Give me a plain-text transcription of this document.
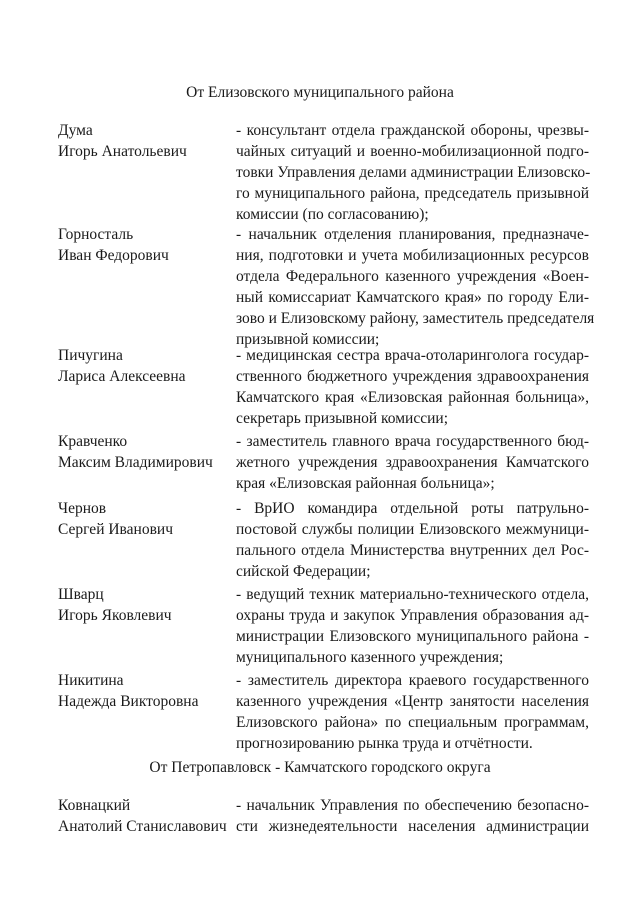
От Елизовского муниципального района
Дума
Игорь Анатольевич
- консультант отдела гражданской обороны, чрезвы-
чайных ситуаций и военно-мобилизационной подго-
товки Управления делами администрации Елизовско-
го муниципального района, председатель призывной
комиссии (по согласованию);
Горносталь
Иван Федорович
- начальник отделения планирования, предназначе-
ния, подготовки и учета мобилизационных ресурсов
отдела Федерального казенного учреждения «Воен-
ный комиссариат Камчатского края» по городу Ели-
зово и Елизовскому району, заместитель председателя
призывной комиссии;
Пичугина
Лариса Алексеевна
- медицинская сестра врача-отоларинголога государ-
ственного бюджетного учреждения здравоохранения
Камчатского края «Елизовская районная больница»,
секретарь призывной комиссии;
Кравченко
Максим Владимирович
- заместитель главного врача государственного бюд-
жетного учреждения здравоохранения Камчатского
края «Елизовская районная больница»;
Чернов
Сергей Иванович
- ВрИО командира отдельной роты патрульно-
постовой службы полиции Елизовского межмуници-
пального отдела Министерства внутренних дел Рос-
сийской Федерации;
Шварц
Игорь Яковлевич
- ведущий техник материально-технического отдела,
охраны труда и закупок Управления образования ад-
министрации Елизовского муниципального района -
муниципального казенного учреждения;
Никитина
Надежда Викторовна
- заместитель директора краевого государственного
казенного учреждения «Центр занятости населения
Елизовского района» по специальным программам,
прогнозированию рынка труда и отчётности.
От Петропавловск - Камчатского городского округа
Ковнацкий
Анатолий Станиславович
- начальник Управления по обеспечению безопасно-
сти жизнедеятельности населения администрации
